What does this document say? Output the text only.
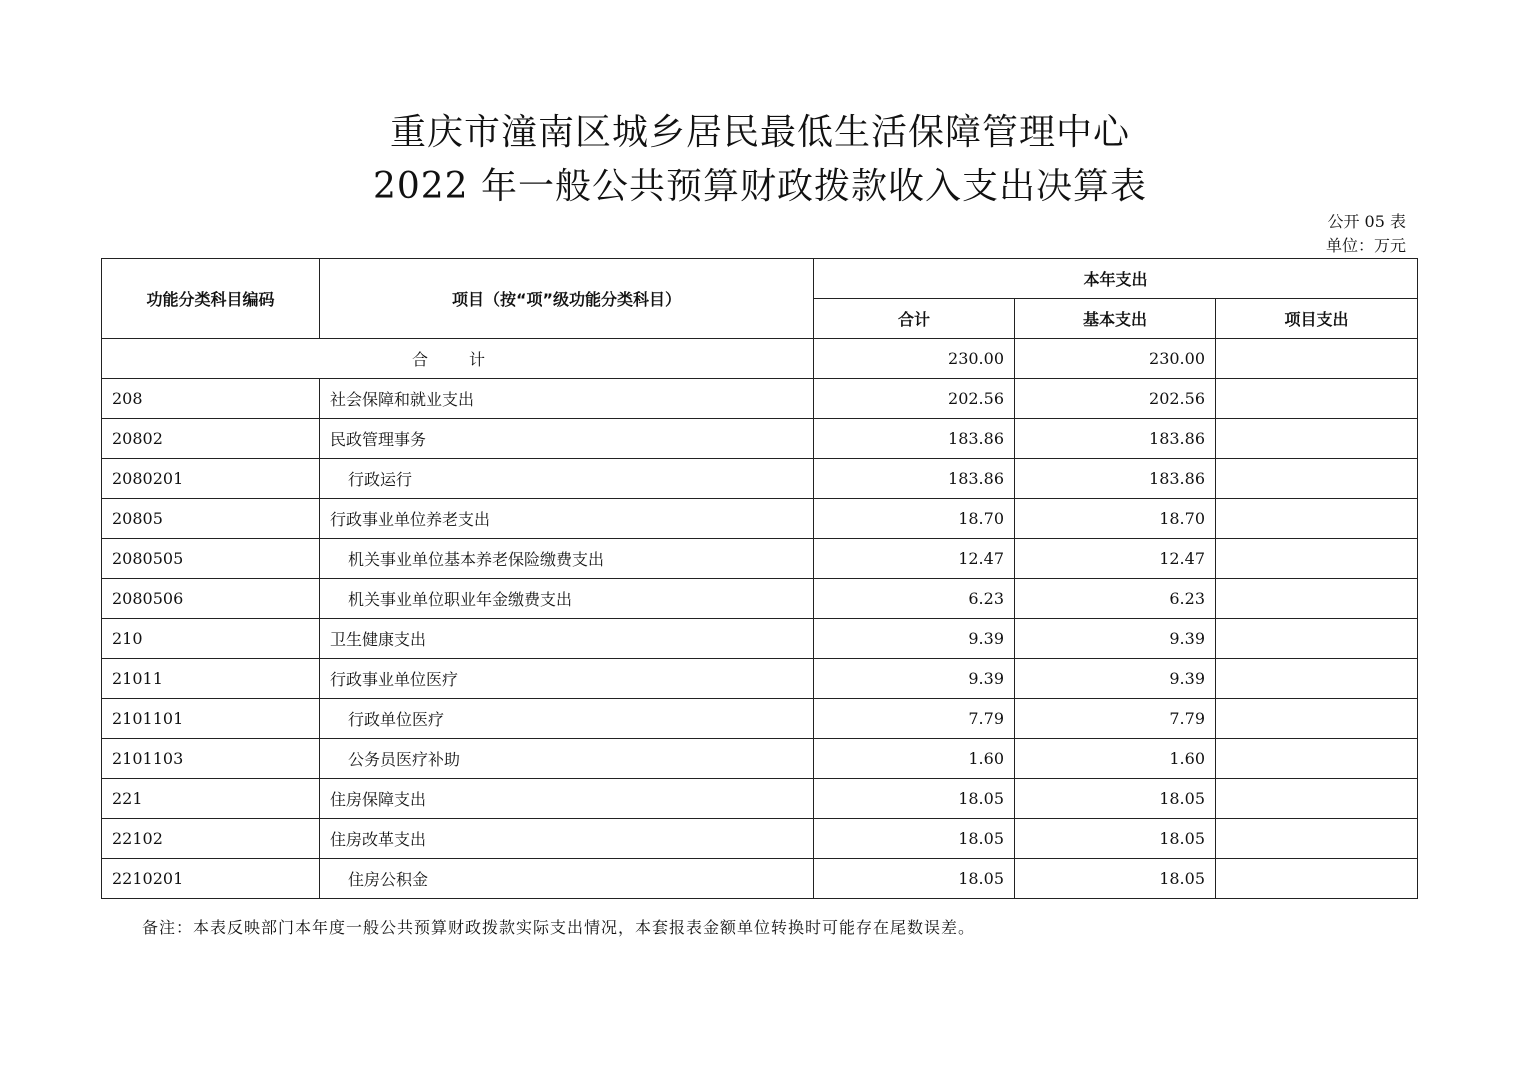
重庆市潼南区城乡居民最低生活保障管理中心
2022 年一般公共预算财政拨款收入支出决算表
公开 05 表
单位：万元
功能分类科目编码	项目（按“项”级功能分类科目）	本年支出		
		合计	基本支出	项目支出
合 计		230.00	230.00	
208	社会保障和就业支出	202.56	202.56	
20802	民政管理事务	183.86	183.86	
2080201	行政运行	183.86	183.86	
20805	行政事业单位养老支出	18.70	18.70	
2080505	机关事业单位基本养老保险缴费支出	12.47	12.47	
2080506	机关事业单位职业年金缴费支出	6.23	6.23	
210	卫生健康支出	9.39	9.39	
21011	行政事业单位医疗	9.39	9.39	
2101101	行政单位医疗	7.79	7.79	
2101103	公务员医疗补助	1.60	1.60	
221	住房保障支出	18.05	18.05	
22102	住房改革支出	18.05	18.05	
2210201	住房公积金	18.05	18.05	
备注：本表反映部门本年度一般公共预算财政拨款实际支出情况，本套报表金额单位转换时可能存在尾数误差。
